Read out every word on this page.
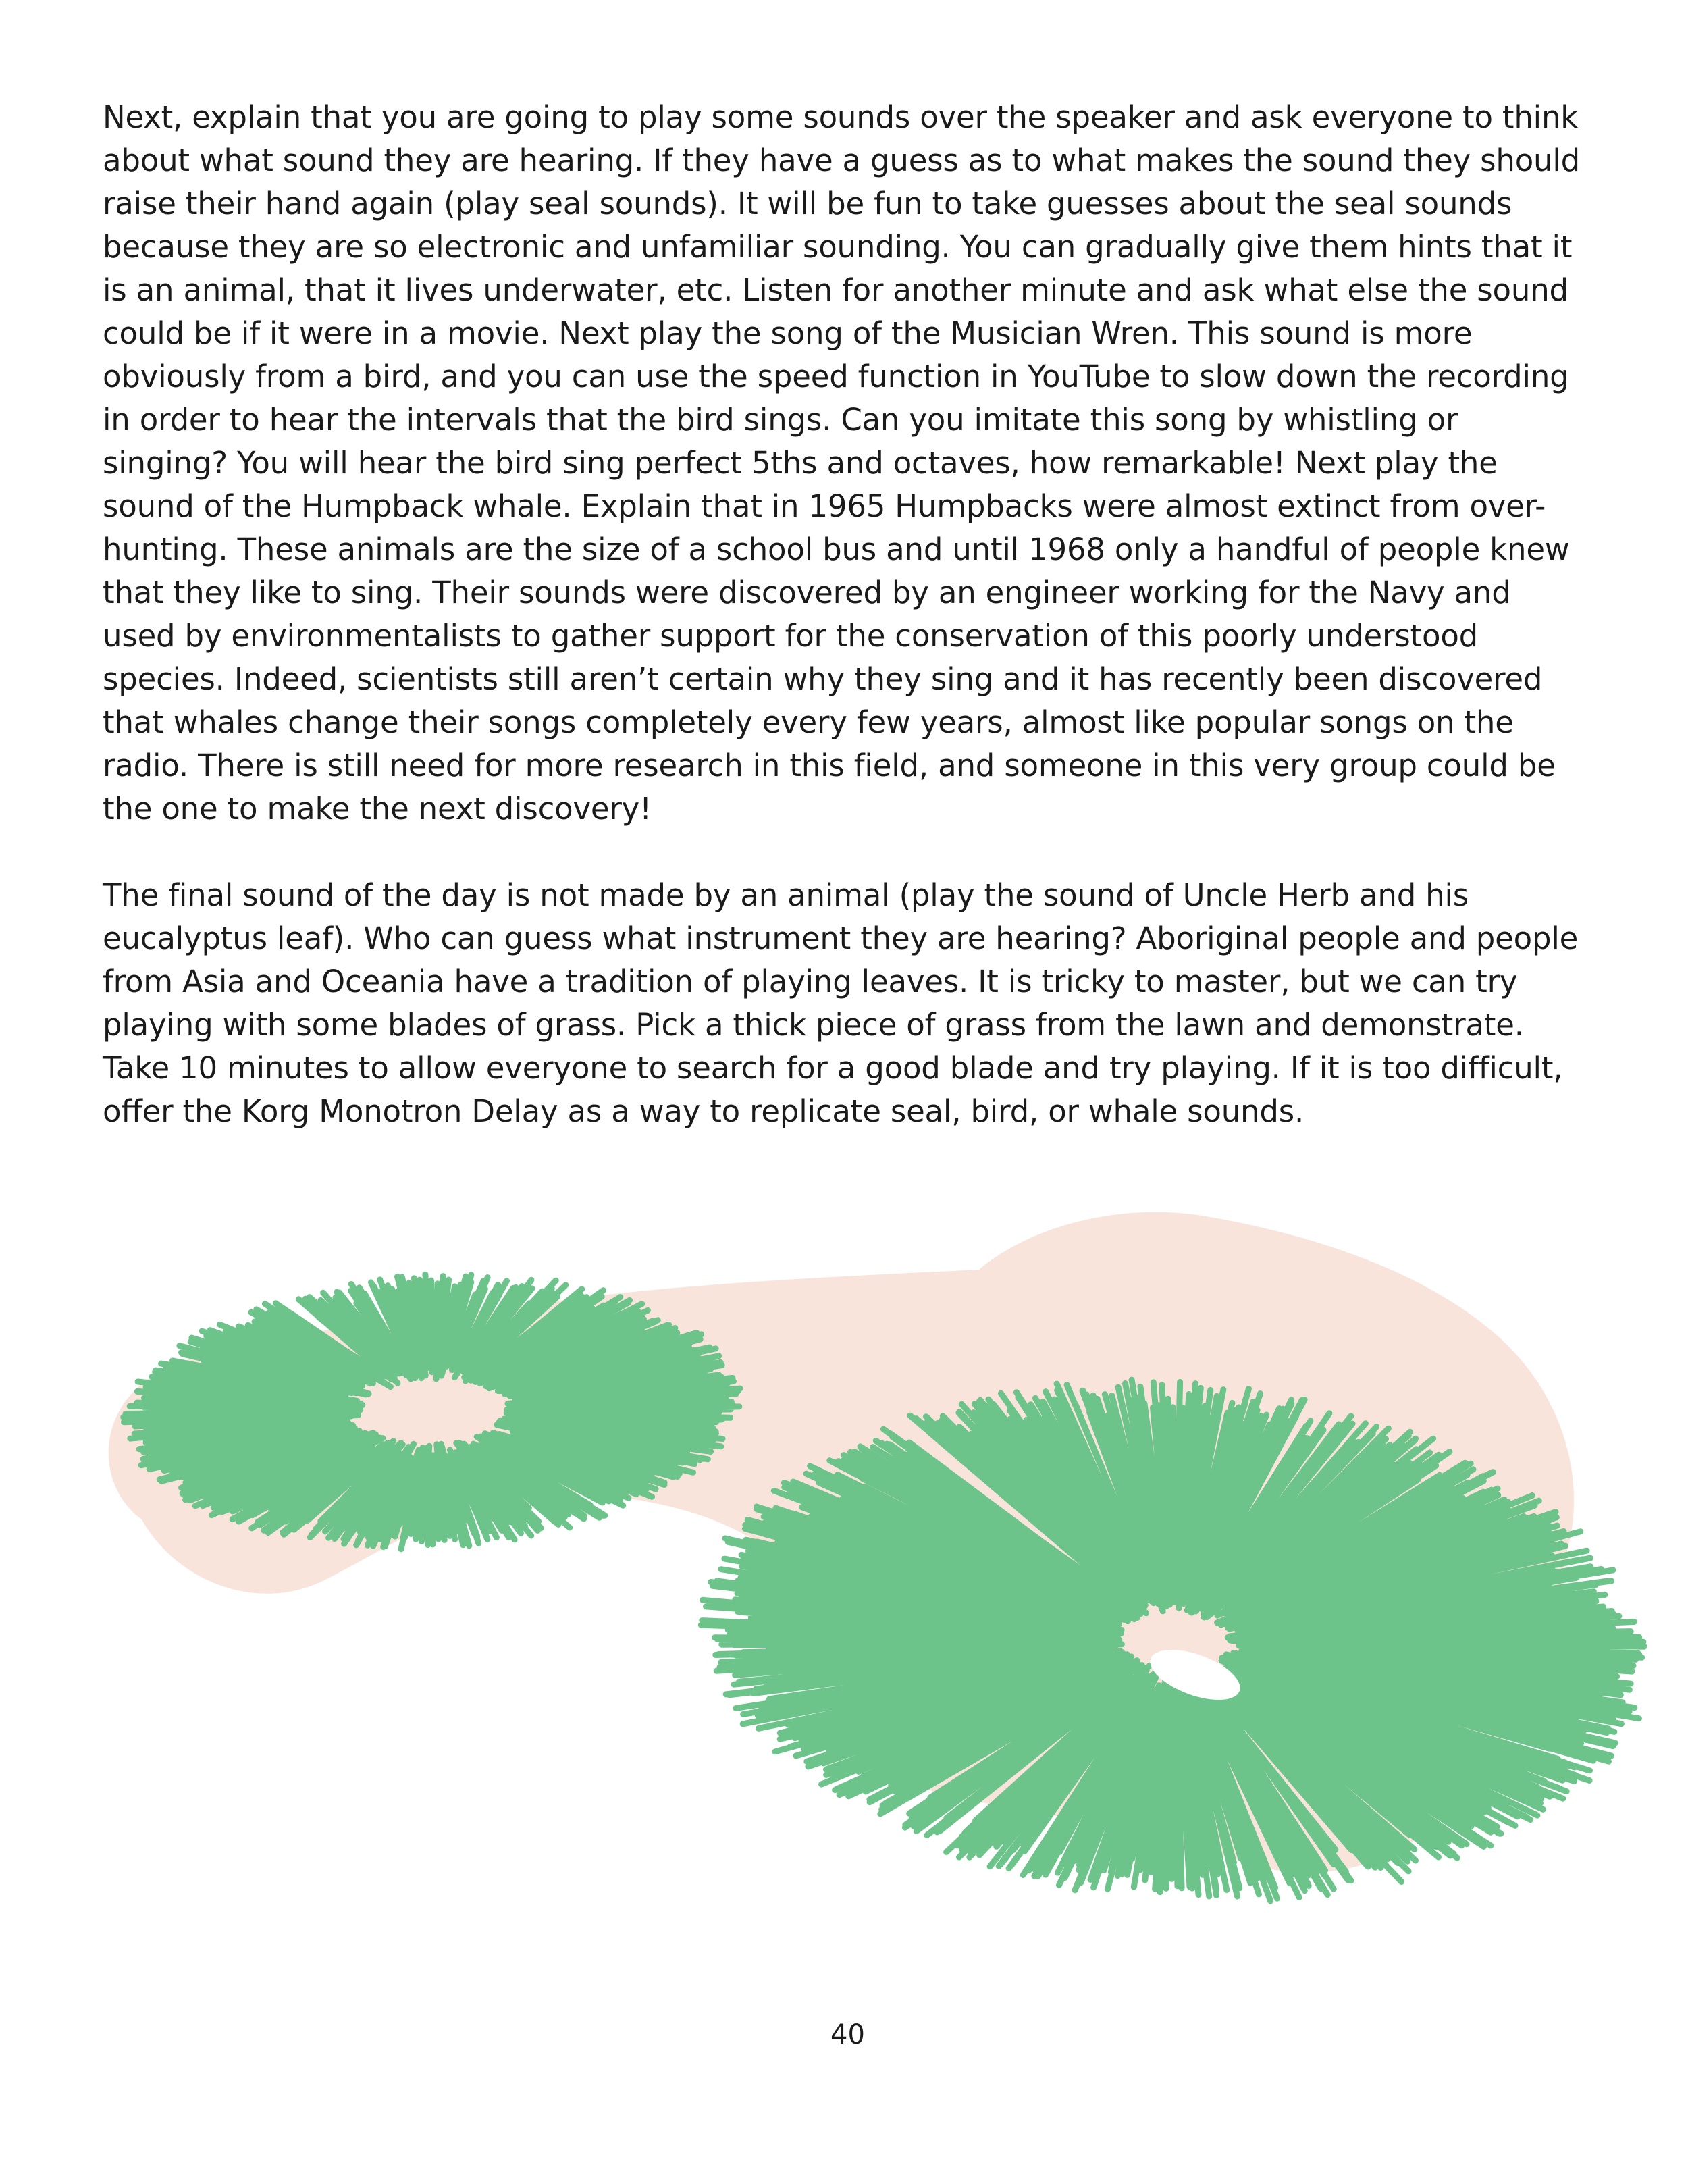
Next, explain that you are going to play some sounds over the speaker and ask everyone to think about what sound they are hearing. If they have a guess as to what makes the sound they should raise their hand again (play seal sounds). It will be fun to take guesses about the seal sounds because they are so electronic and unfamiliar sounding. You can gradually give them hints that it is an animal, that it lives underwater, etc. Listen for another minute and ask what else the sound could be if it were in a movie. Next play the song of the Musician Wren. This sound is more obviously from a bird, and you can use the speed function in YouTube to slow down the recording in order to hear the intervals that the bird sings. Can you imitate this song by whistling or singing? You will hear the bird sing perfect 5ths and octaves, how remarkable! Next play the sound of the Humpback whale. Explain that in 1965 Humpbacks were almost extinct from over-hunting. These animals are the size of a school bus and until 1968 only a handful of people knew that they like to sing. Their sounds were discovered by an engineer working for the Navy and used by environmentalists to gather support for the conservation of this poorly understood species. Indeed, scientists still aren’t certain why they sing and it has recently been discovered that whales change their songs completely every few years, almost like popular songs on the radio. There is still need for more research in this field, and someone in this very group could be the one to make the next discovery!

The final sound of the day is not made by an animal (play the sound of Uncle Herb and his eucalyptus leaf). Who can guess what instrument they are hearing? Aboriginal people and people from Asia and Oceania have a tradition of playing leaves. It is tricky to master, but we can try playing with some blades of grass. Pick a thick piece of grass from the lawn and demonstrate. Take 10 minutes to allow everyone to search for a good blade and try playing. If it is too difficult, offer the Korg Monotron Delay as a way to replicate seal, bird, or whale sounds.

40
